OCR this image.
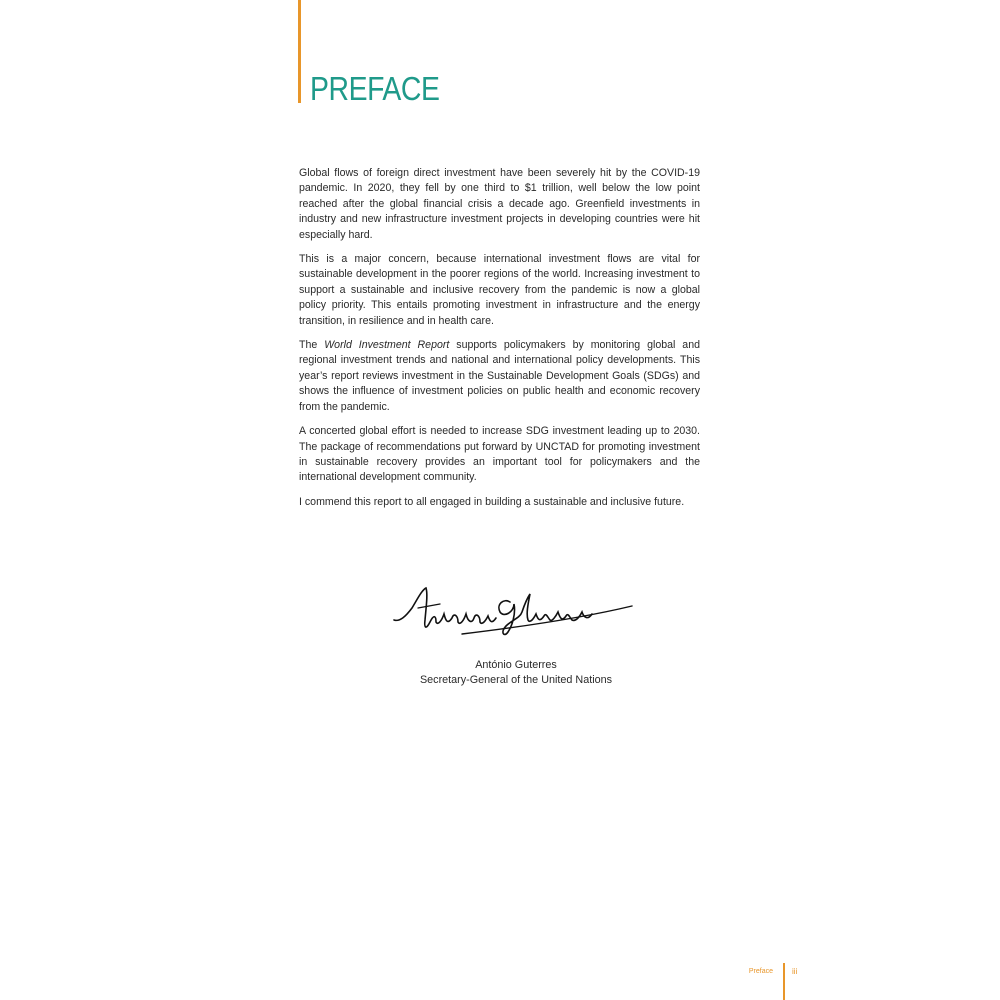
PREFACE

Global flows of foreign direct investment have been severely hit by the COVID-19 pandemic. In 2020, they fell by one third to $1 trillion, well below the low point reached after the global financial crisis a decade ago. Greenfield investments in industry and new infrastructure investment projects in developing countries were hit especially hard.

This is a major concern, because international investment flows are vital for sustainable development in the poorer regions of the world. Increasing investment to support a sustainable and inclusive recovery from the pandemic is now a global policy priority. This entails promoting investment in infrastructure and the energy transition, in resilience and in health care.

The World Investment Report supports policymakers by monitoring global and regional investment trends and national and international policy developments. This year’s report reviews investment in the Sustainable Development Goals (SDGs) and shows the influence of investment policies on public health and economic recovery from the pandemic.

A concerted global effort is needed to increase SDG investment leading up to 2030. The package of recommendations put forward by UNCTAD for promoting investment in sustainable recovery provides an important tool for policymakers and the international development community.

I commend this report to all engaged in building a sustainable and inclusive future.

António Guterres
Secretary-General of the United Nations
Preface iii
